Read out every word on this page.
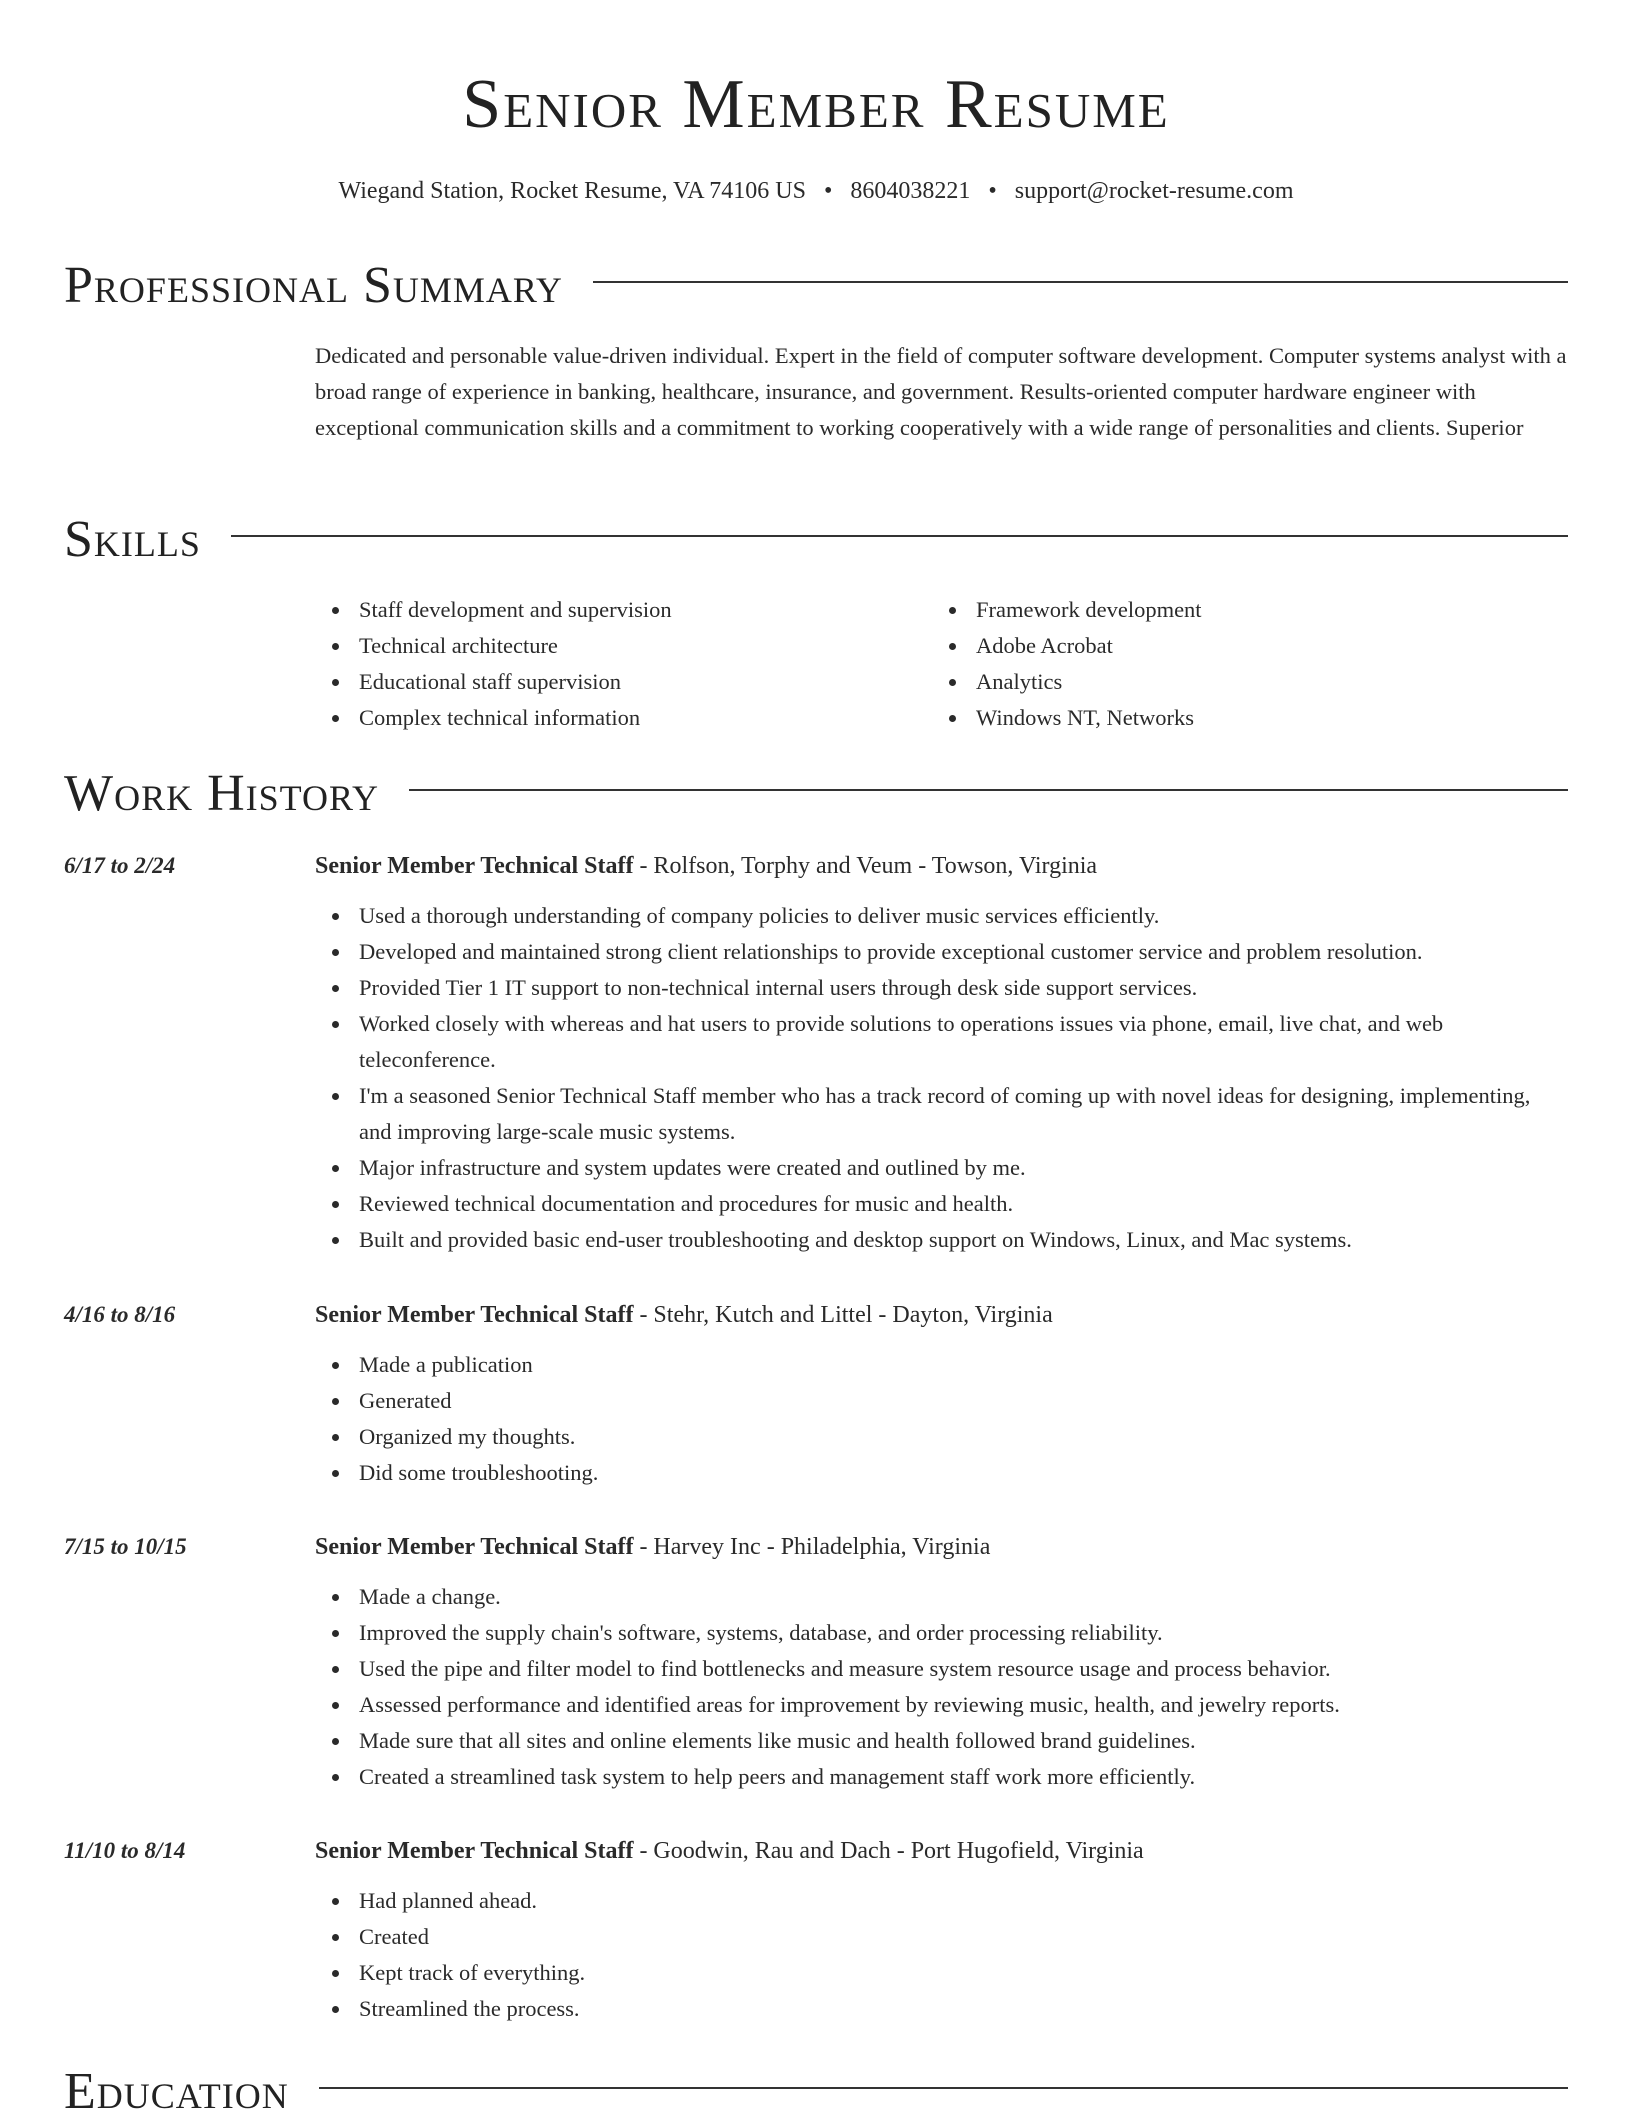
Senior Member Resume
Wiegand Station, Rocket Resume, VA 74106 US • 8604038221 • support@rocket-resume.com
Professional Summary
Dedicated and personable value-driven individual. Expert in the field of computer software development. Computer systems analyst with a broad range of experience in banking, healthcare, insurance, and government. Results-oriented computer hardware engineer with exceptional communication skills and a commitment to working cooperatively with a wide range of personalities and clients. Superior
Skills
Staff development and supervision
Technical architecture
Educational staff supervision
Complex technical information
Framework development
Adobe Acrobat
Analytics
Windows NT, Networks
Work History
6/17 to 2/24	Senior Member Technical Staff - Rolfson, Torphy and Veum - Towson, Virginia
Used a thorough understanding of company policies to deliver music services efficiently.
Developed and maintained strong client relationships to provide exceptional customer service and problem resolution.
Provided Tier 1 IT support to non-technical internal users through desk side support services.
Worked closely with whereas and hat users to provide solutions to operations issues via phone, email, live chat, and web teleconference.
I'm a seasoned Senior Technical Staff member who has a track record of coming up with novel ideas for designing, implementing, and improving large-scale music systems.
Major infrastructure and system updates were created and outlined by me.
Reviewed technical documentation and procedures for music and health.
Built and provided basic end-user troubleshooting and desktop support on Windows, Linux, and Mac systems.
4/16 to 8/16	Senior Member Technical Staff - Stehr, Kutch and Littel - Dayton, Virginia
Made a publication
Generated
Organized my thoughts.
Did some troubleshooting.
7/15 to 10/15	Senior Member Technical Staff - Harvey Inc - Philadelphia, Virginia
Made a change.
Improved the supply chain's software, systems, database, and order processing reliability.
Used the pipe and filter model to find bottlenecks and measure system resource usage and process behavior.
Assessed performance and identified areas for improvement by reviewing music, health, and jewelry reports.
Made sure that all sites and online elements like music and health followed brand guidelines.
Created a streamlined task system to help peers and management staff work more efficiently.
11/10 to 8/14	Senior Member Technical Staff - Goodwin, Rau and Dach - Port Hugofield, Virginia
Had planned ahead.
Created
Kept track of everything.
Streamlined the process.
Education
